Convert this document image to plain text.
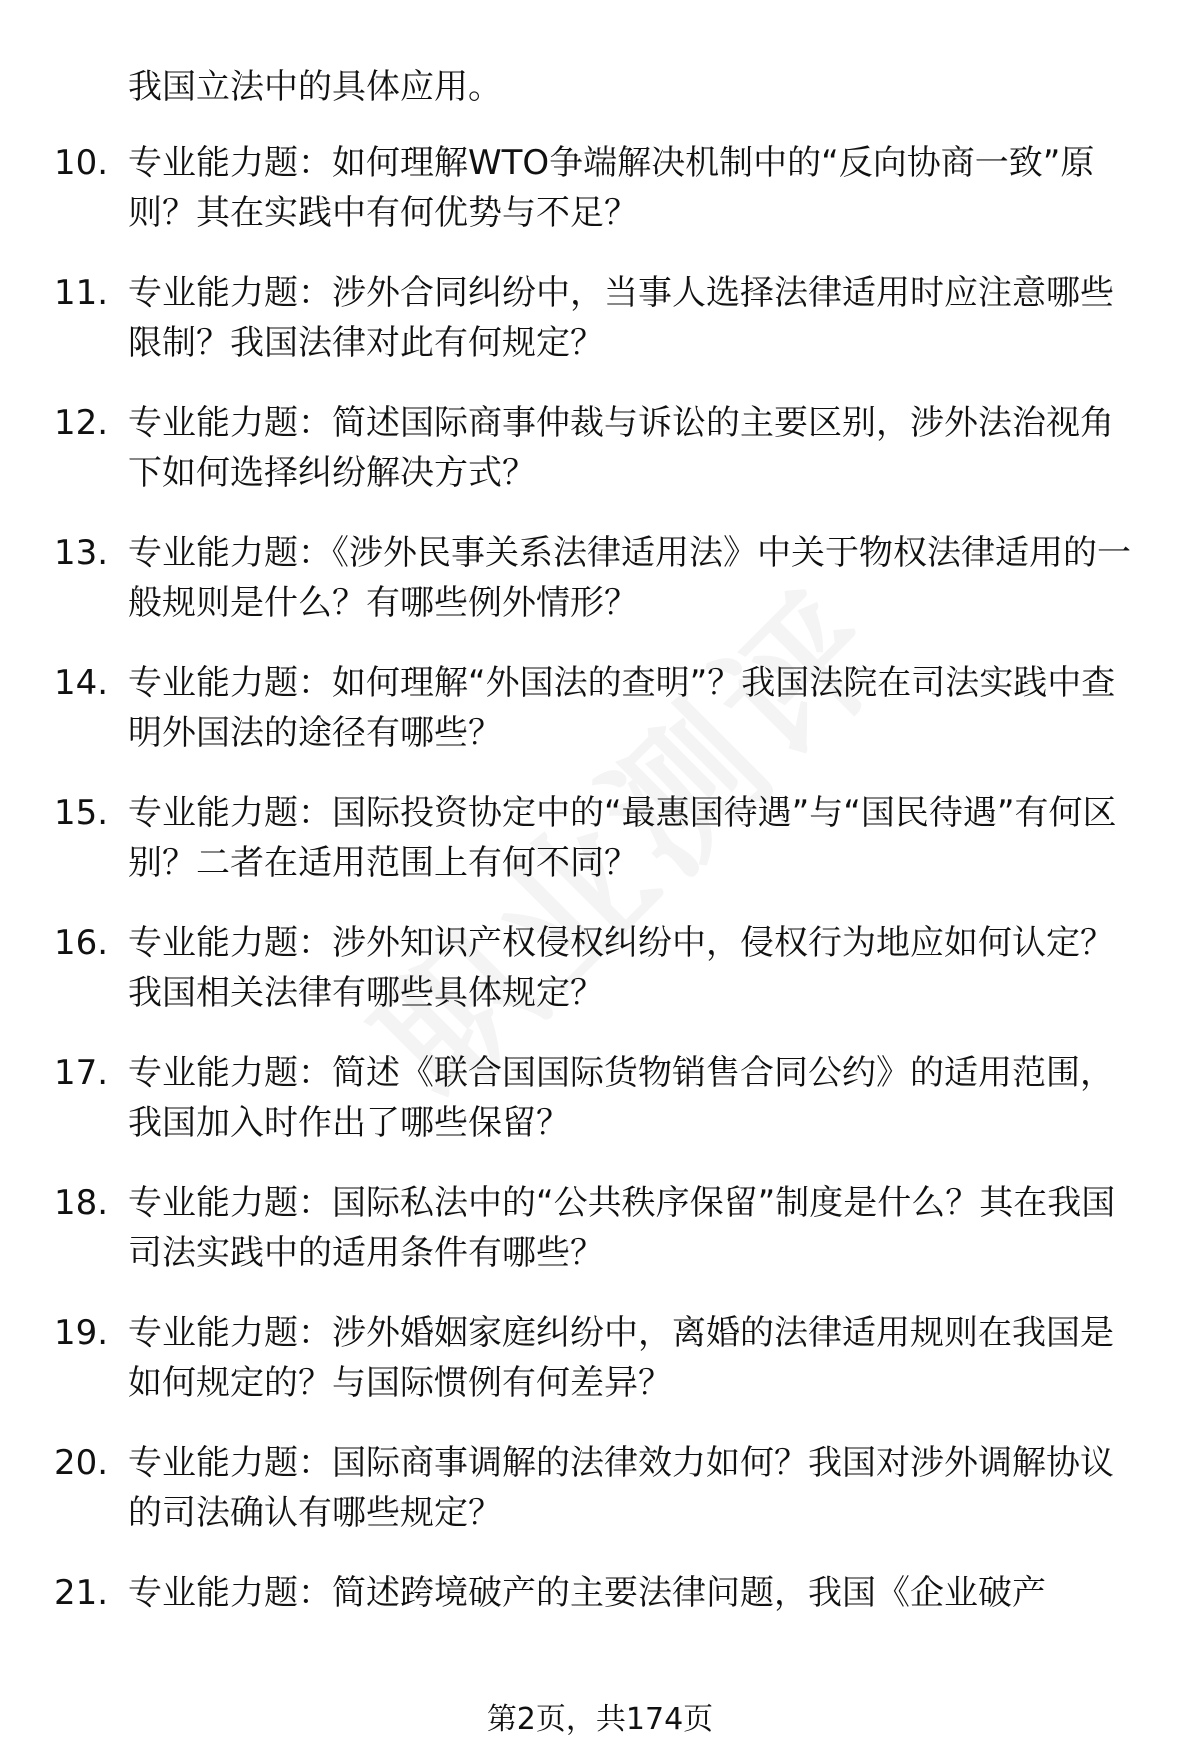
我国立法中的具体应用。

10. 专业能力题：如何理解WTO争端解决机制中的“反向协商一致”原则？其在实践中有何优势与不足？

11. 专业能力题：涉外合同纠纷中，当事人选择法律适用时应注意哪些限制？我国法律对此有何规定？

12. 专业能力题：简述国际商事仲裁与诉讼的主要区别，涉外法治视角下如何选择纠纷解决方式？

13. 专业能力题：《涉外民事关系法律适用法》中关于物权法律适用的一般规则是什么？有哪些例外情形？

14. 专业能力题：如何理解“外国法的查明”？我国法院在司法实践中查明外国法的途径有哪些？

15. 专业能力题：国际投资协定中的“最惠国待遇”与“国民待遇”有何区别？二者在适用范围上有何不同？

16. 专业能力题：涉外知识产权侵权纠纷中，侵权行为地应如何认定？我国相关法律有哪些具体规定？

17. 专业能力题：简述《联合国国际货物销售合同公约》的适用范围，我国加入时作出了哪些保留？

18. 专业能力题：国际私法中的“公共秩序保留”制度是什么？其在我国司法实践中的适用条件有哪些？

19. 专业能力题：涉外婚姻家庭纠纷中，离婚的法律适用规则在我国是如何规定的？与国际惯例有何差异？

20. 专业能力题：国际商事调解的法律效力如何？我国对涉外调解协议的司法确认有哪些规定？

21. 专业能力题：简述跨境破产的主要法律问题，我国《企业破产

第2页，共174页
